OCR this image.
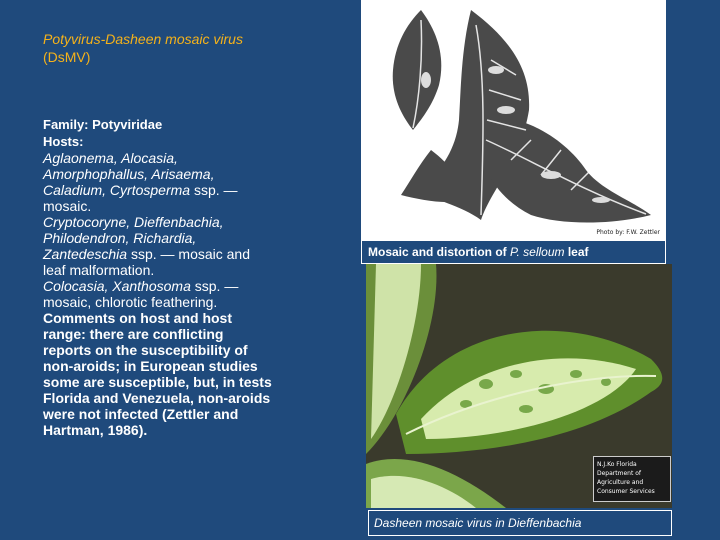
Potyvirus-Dasheen mosaic virus (DsMV)
Family: Potyviridae
Hosts:
Aglaonema, Alocasia, Amorphophallus, Arisaema, Caladium, Cyrtosperma ssp. — mosaic.
Cryptocoryne, Dieffenbachia, Philodendron, Richardia, Zantedeschia ssp. — mosaic and leaf malformation.
Colocasia, Xanthosoma ssp. — mosaic, chlorotic feathering.
Comments on host and host range: there are conflicting reports on the susceptibility of non-aroids; in European studies some are susceptible, but, in tests Florida and Venezuela, non-aroids were not infected (Zettler and Hartman, 1986).
Photo by: F.W. Zettler
Mosaic and distortion of P. selloum leaf
N.J.Ko Florida Department of Agriculture and Consumer Services
Dasheen mosaic virus in Dieffenbachia
